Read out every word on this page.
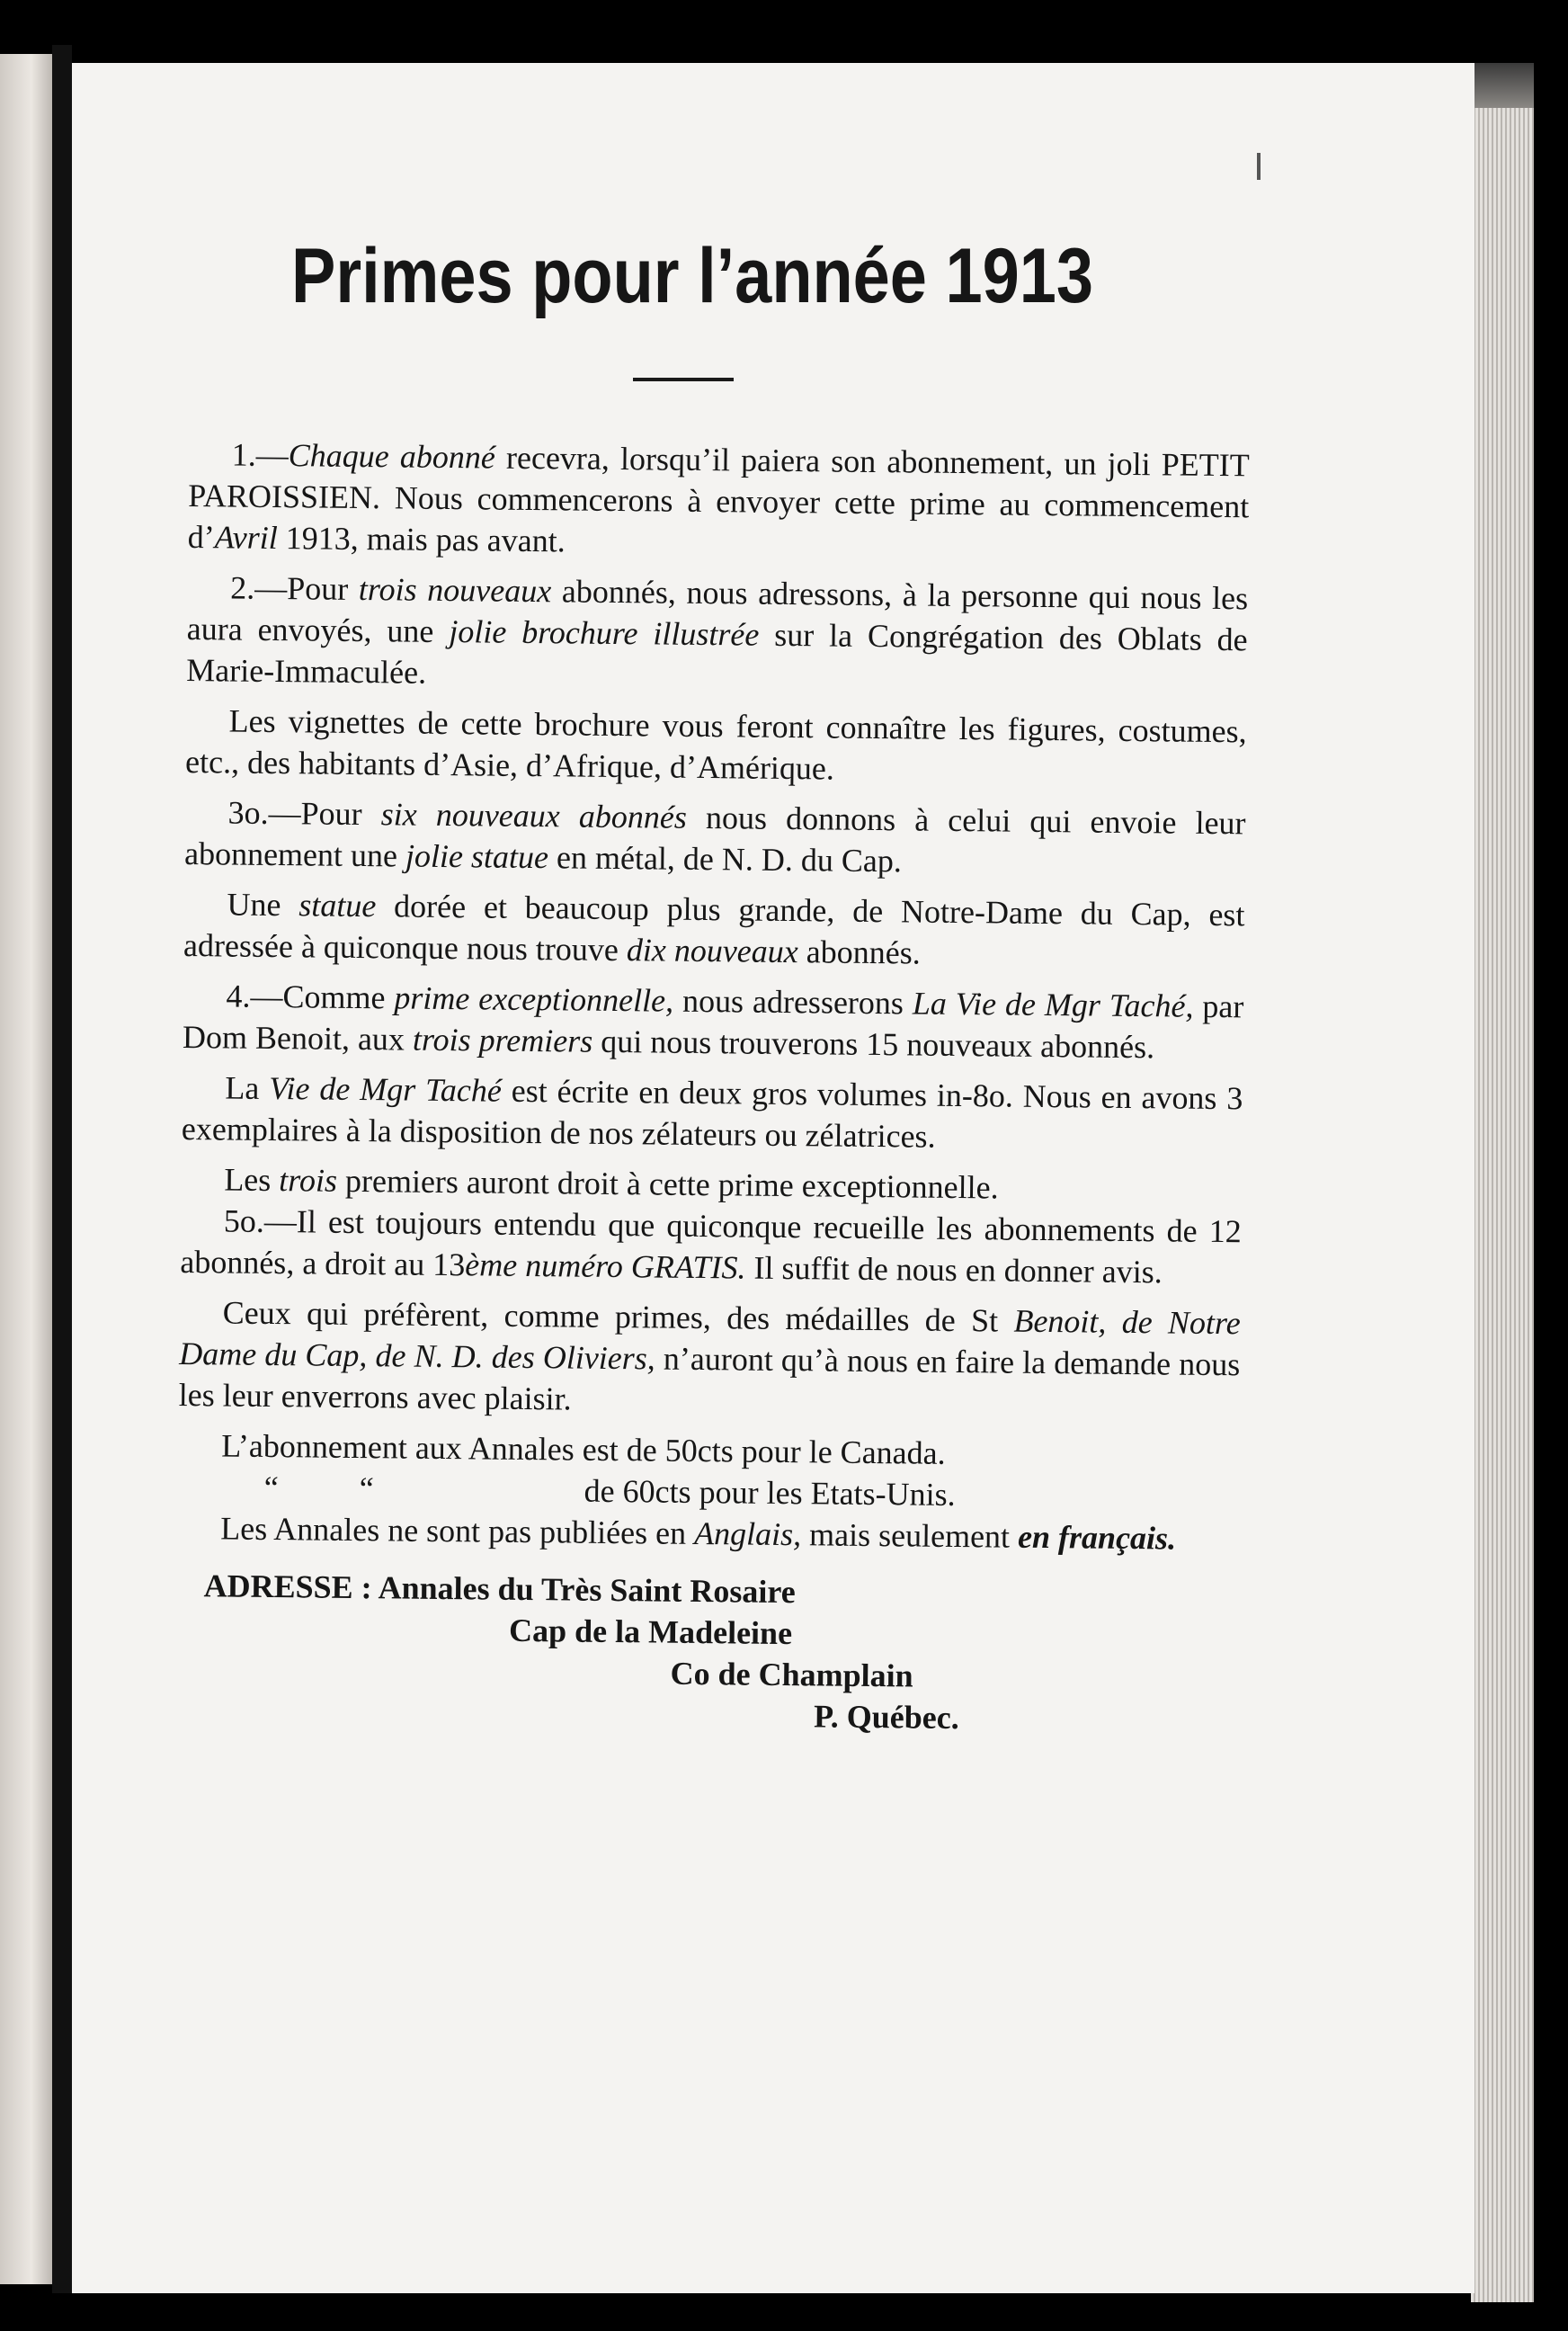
Primes pour l’année 1913

1.—Chaque abonné recevra, lorsqu’il paiera son abonnement, un joli PETIT PAROISSIEN. Nous commencerons à envoyer cette prime au commencement d’Avril 1913, mais pas avant.

2.—Pour trois nouveaux abonnés, nous adressons, à la personne qui nous les aura envoyés, une jolie brochure illustrée sur la Congrégation des Oblats de Marie-Immaculée.

Les vignettes de cette brochure vous feront connaître les figures, costumes, etc., des habitants d’Asie, d’Afrique, d’Amérique.

3o.—Pour six nouveaux abonnés nous donnons à celui qui envoie leur abonnement une jolie statue en métal, de N. D. du Cap.

Une statue dorée et beaucoup plus grande, de Notre-Dame du Cap, est adressée à quiconque nous trouve dix nouveaux abonnés.

4.—Comme prime exceptionnelle, nous adresserons La Vie de Mgr Taché, par Dom Benoit, aux trois premiers qui nous trouverons 15 nouveaux abonnés.

La Vie de Mgr Taché est écrite en deux gros volumes in-8o. Nous en avons 3 exemplaires à la disposition de nos zélateurs ou zélatrices.

Les trois premiers auront droit à cette prime exceptionnelle.

5o.—Il est toujours entendu que quiconque recueille les abonnements de 12 abonnés, a droit au 13ème numéro GRATIS. Il suffit de nous en donner avis.

Ceux qui préfèrent, comme primes, des médailles de St Benoit, de Notre Dame du Cap, de N. D. des Oliviers, n’auront qu’à nous en faire la demande nous les leur enverrons avec plaisir.

L’abonnement aux Annales est de 50cts pour le Canada.

“          “	de 60cts pour les Etats-Unis.

Les Annales ne sont pas publiées en Anglais, mais seulement en français.

ADRESSE : Annales du Très Saint Rosaire
Cap de la Madeleine
Co de Champlain
P. Québec.
